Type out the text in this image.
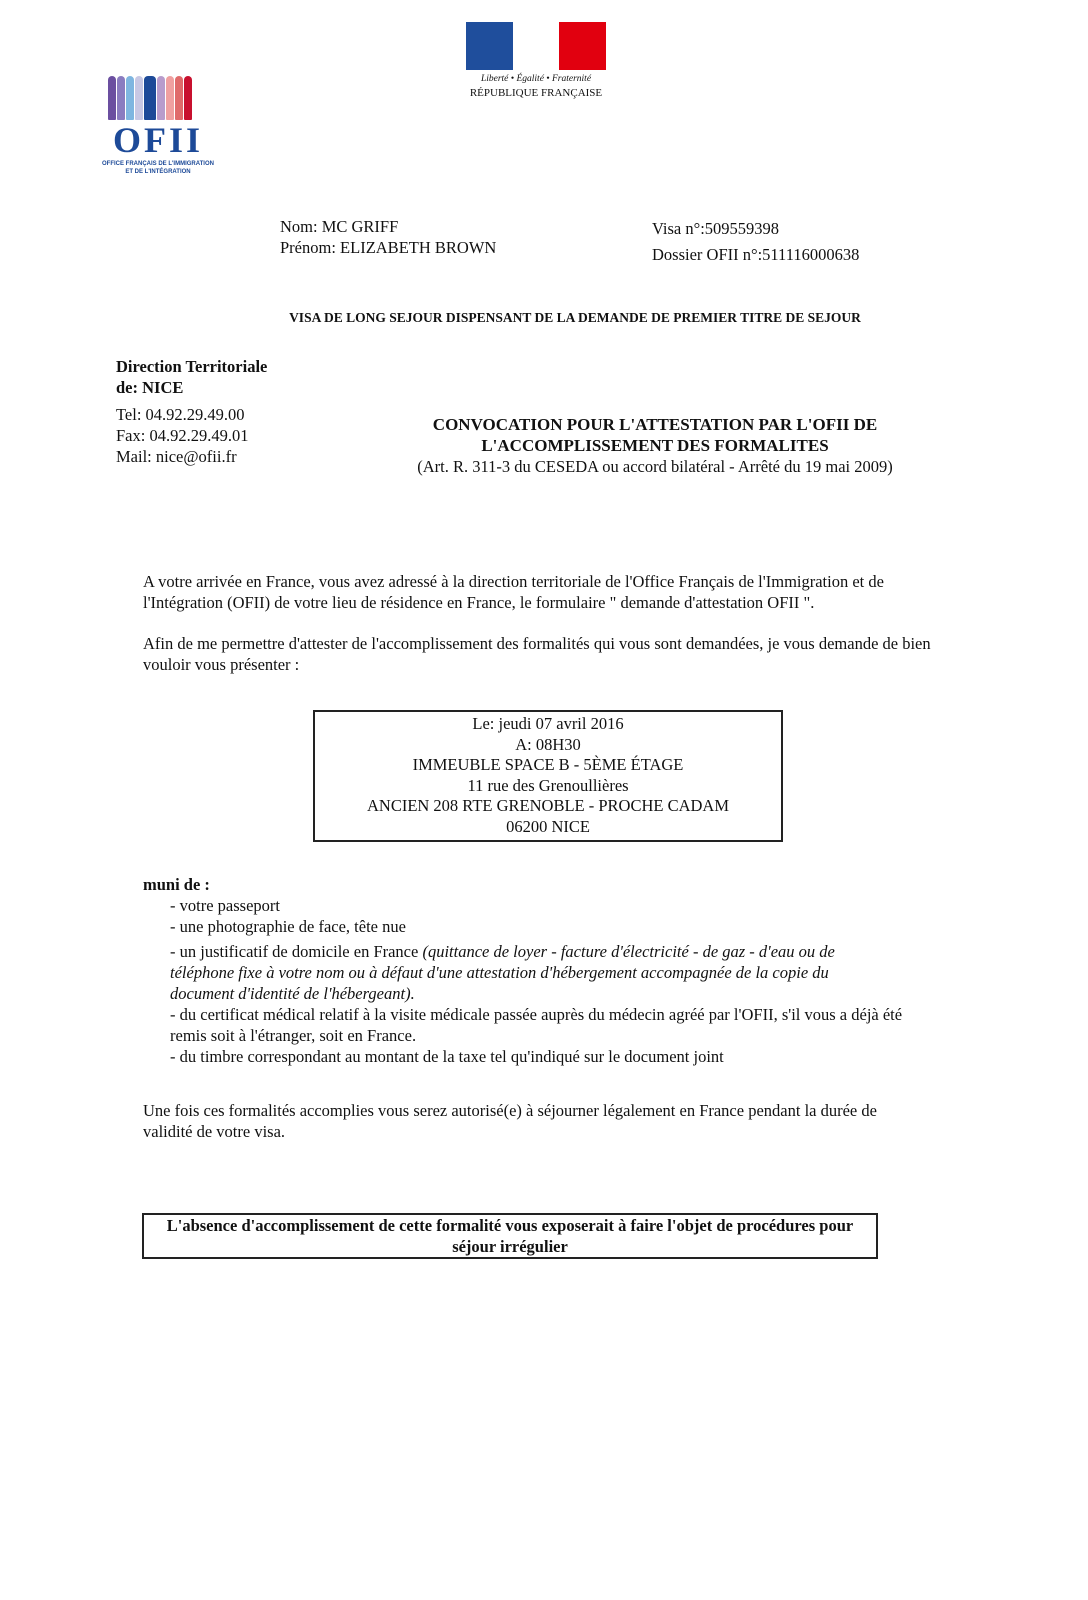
OFII
OFFICE FRANÇAIS DE L'IMMIGRATION
ET DE L'INTÉGRATION
Liberté • Égalité • Fraternité
RÉPUBLIQUE FRANÇAISE

Nom: MC GRIFF

Prénom: ELIZABETH BROWN

Visa n°:509559398

Dossier OFII n°:511116000638

VISA DE LONG SEJOUR DISPENSANT DE LA DEMANDE DE PREMIER TITRE DE SEJOUR

Direction Territoriale

de: NICE

Tel: 04.92.29.49.00

Fax: 04.92.29.49.01

Mail: nice@ofii.fr

CONVOCATION POUR L'ATTESTATION PAR L'OFII DE

L'ACCOMPLISSEMENT DES FORMALITES

(Art. R. 311-3 du CESEDA ou accord bilatéral - Arrêté du 19 mai 2009)

A votre arrivée en France, vous avez adressé à la direction territoriale de l'Office Français de l'Immigration et de l'Intégration (OFII) de votre lieu de résidence en France, le formulaire " demande d'attestation OFII ".

Afin de me permettre d'attester de l'accomplissement des formalités qui vous sont demandées, je vous demande de bien vouloir vous présenter :

Le: jeudi 07 avril 2016

A: 08H30

IMMEUBLE SPACE B - 5ÈME ÉTAGE

11 rue des Grenoullières

ANCIEN 208 RTE GRENOBLE - PROCHE CADAM

06200 NICE

muni de :

- votre passeport

- une photographie de face, tête nue

- un justificatif de domicile en France (quittance de loyer - facture d'électricité - de gaz - d'eau ou de téléphone fixe à votre nom ou à défaut d'une attestation d'hébergement accompagnée de la copie du document d'identité de l'hébergeant).

- du certificat médical relatif à la visite médicale passée auprès du médecin agréé par l'OFII, s'il vous a déjà été remis soit à l'étranger, soit en France.

- du timbre correspondant au montant de la taxe tel qu'indiqué sur le document joint

Une fois ces formalités accomplies vous serez autorisé(e) à séjourner légalement en France pendant la durée de validité de votre visa.
L'absence d'accomplissement de cette formalité vous exposerait à faire l'objet de procédures pour séjour irrégulier
